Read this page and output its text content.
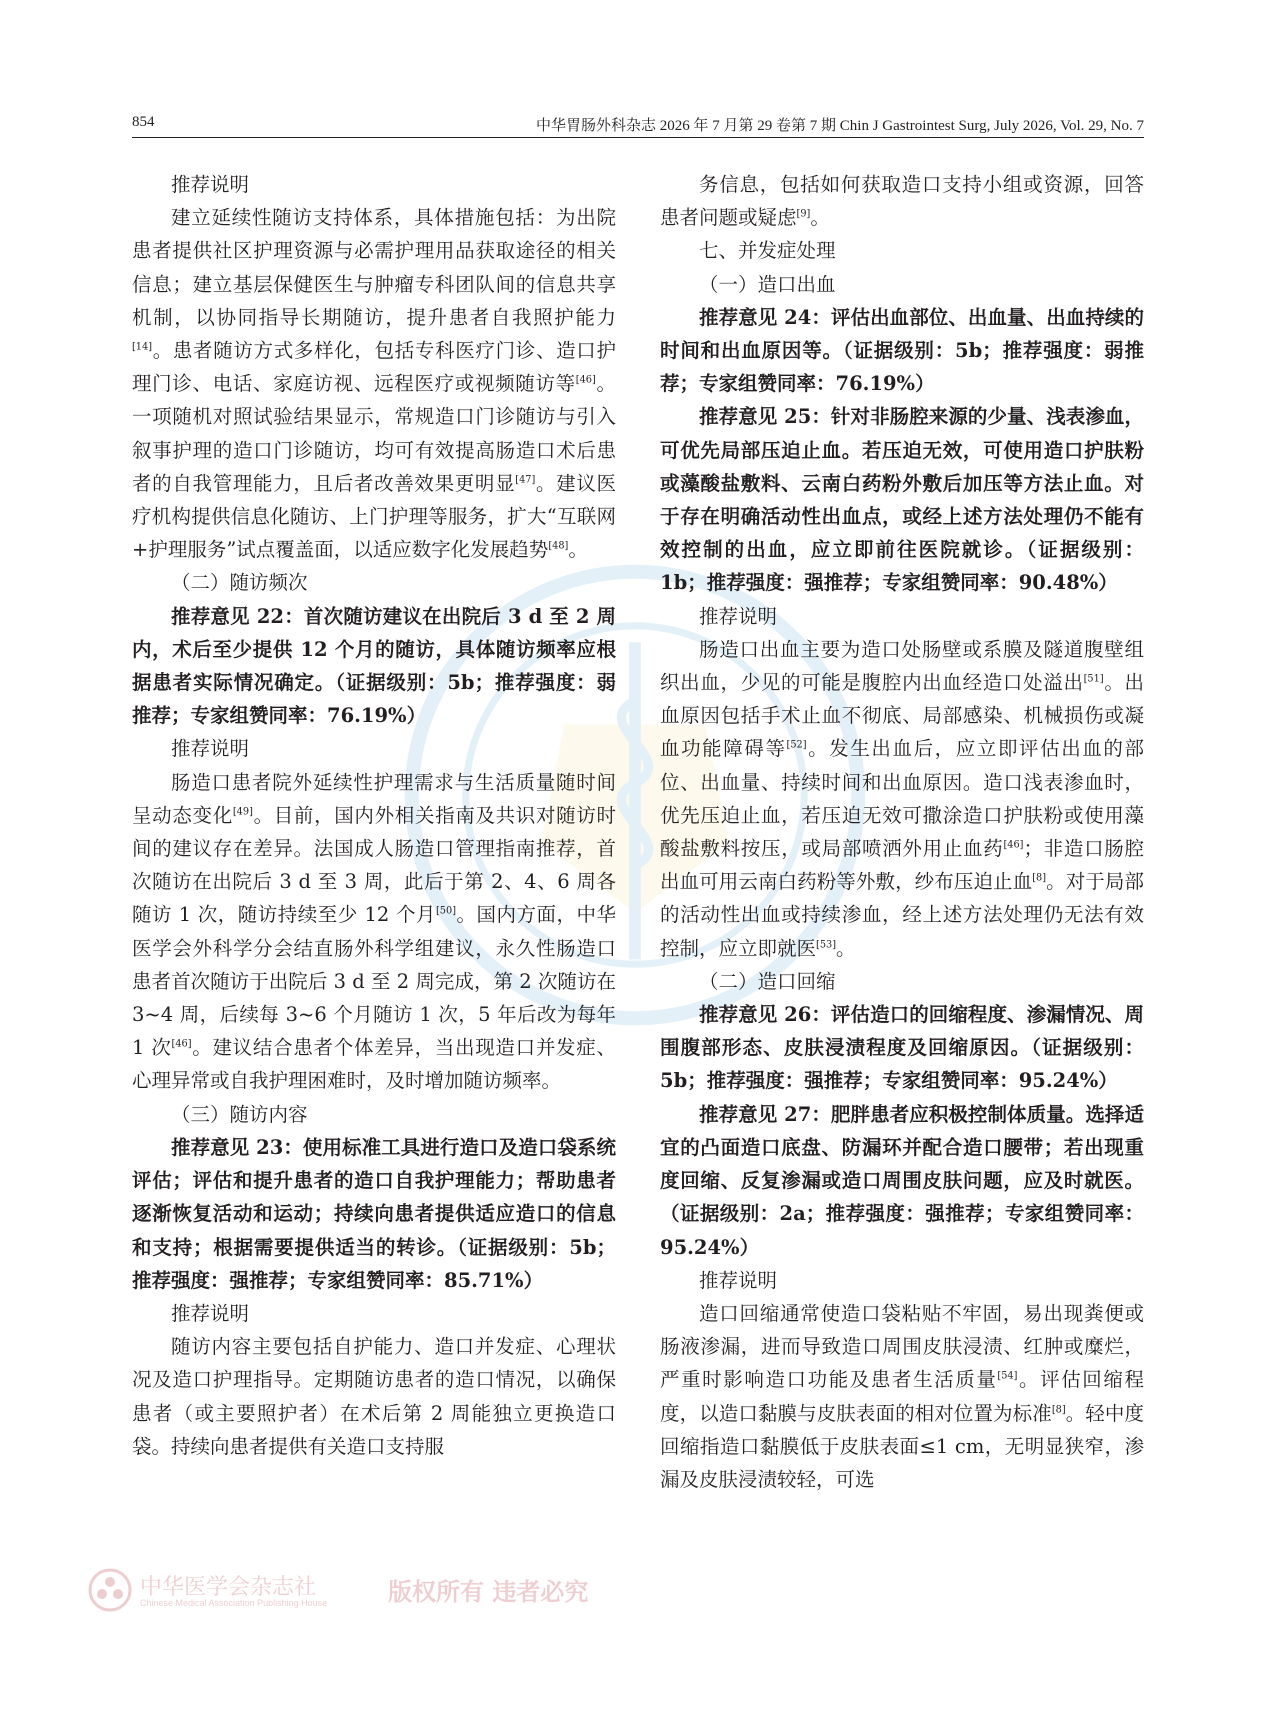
854	中华胃肠外科杂志 2026 年 7 月第 29 卷第 7 期 Chin J Gastrointest Surg, July 2026, Vol. 29, No. 7

推荐说明

建立延续性随访支持体系，具体措施包括：为出院患者提供社区护理资源与必需护理用品获取途径的相关信息；建立基层保健医生与肿瘤专科团队间的信息共享机制，以协同指导长期随访，提升患者自我照护能力[14]。患者随访方式多样化，包括专科医疗门诊、造口护理门诊、电话、家庭访视、远程医疗或视频随访等[46]。一项随机对照试验结果显示，常规造口门诊随访与引入叙事护理的造口门诊随访，均可有效提高肠造口术后患者的自我管理能力，且后者改善效果更明显[47]。建议医疗机构提供信息化随访、上门护理等服务，扩大“互联网+护理服务”试点覆盖面，以适应数字化发展趋势[48]。

（二）随访频次

推荐意见 22：首次随访建议在出院后 3 d 至 2 周内，术后至少提供 12 个月的随访，具体随访频率应根据患者实际情况确定。（证据级别：5b；推荐强度：弱推荐；专家组赞同率：76.19%）

推荐说明

肠造口患者院外延续性护理需求与生活质量随时间呈动态变化[49]。目前，国内外相关指南及共识对随访时间的建议存在差异。法国成人肠造口管理指南推荐，首次随访在出院后 3 d 至 3 周，此后于第 2、4、6 周各随访 1 次，随访持续至少 12 个月[50]。国内方面，中华医学会外科学分会结直肠外科学组建议，永久性肠造口患者首次随访于出院后 3 d 至 2 周完成，第 2 次随访在 3~4 周，后续每 3~6 个月随访 1 次，5 年后改为每年 1 次[46]。建议结合患者个体差异，当出现造口并发症、心理异常或自我护理困难时，及时增加随访频率。

（三）随访内容

推荐意见 23：使用标准工具进行造口及造口袋系统评估；评估和提升患者的造口自我护理能力；帮助患者逐渐恢复活动和运动；持续向患者提供适应造口的信息和支持；根据需要提供适当的转诊。（证据级别：5b；推荐强度：强推荐；专家组赞同率：85.71%）

推荐说明

随访内容主要包括自护能力、造口并发症、心理状况及造口护理指导。定期随访患者的造口情况，以确保患者（或主要照护者）在术后第 2 周能独立更换造口袋。持续向患者提供有关造口支持服

务信息，包括如何获取造口支持小组或资源，回答患者问题或疑虑[9]。

七、并发症处理

（一）造口出血

推荐意见 24：评估出血部位、出血量、出血持续的时间和出血原因等。（证据级别：5b；推荐强度：弱推荐；专家组赞同率：76.19%）

推荐意见 25：针对非肠腔来源的少量、浅表渗血，可优先局部压迫止血。若压迫无效，可使用造口护肤粉或藻酸盐敷料、云南白药粉外敷后加压等方法止血。对于存在明确活动性出血点，或经上述方法处理仍不能有效控制的出血，应立即前往医院就诊。（证据级别：1b；推荐强度：强推荐；专家组赞同率：90.48%）

推荐说明

肠造口出血主要为造口处肠壁或系膜及隧道腹壁组织出血，少见的可能是腹腔内出血经造口处溢出[51]。出血原因包括手术止血不彻底、局部感染、机械损伤或凝血功能障碍等[52]。发生出血后，应立即评估出血的部位、出血量、持续时间和出血原因。造口浅表渗血时，优先压迫止血，若压迫无效可撒涂造口护肤粉或使用藻酸盐敷料按压，或局部喷洒外用止血药[46]；非造口肠腔出血可用云南白药粉等外敷，纱布压迫止血[8]。对于局部的活动性出血或持续渗血，经上述方法处理仍无法有效控制，应立即就医[53]。

（二）造口回缩

推荐意见 26：评估造口的回缩程度、渗漏情况、周围腹部形态、皮肤浸渍程度及回缩原因。（证据级别：5b；推荐强度：强推荐；专家组赞同率：95.24%）

推荐意见 27：肥胖患者应积极控制体质量。选择适宜的凸面造口底盘、防漏环并配合造口腰带；若出现重度回缩、反复渗漏或造口周围皮肤问题，应及时就医。（证据级别：2a；推荐强度：强推荐；专家组赞同率：95.24%）

推荐说明

造口回缩通常使造口袋粘贴不牢固，易出现粪便或肠液渗漏，进而导致造口周围皮肤浸渍、红肿或糜烂，严重时影响造口功能及患者生活质量[54]。评估回缩程度，以造口黏膜与皮肤表面的相对位置为标准[8]。轻中度回缩指造口黏膜低于皮肤表面≤1 cm，无明显狭窄，渗漏及皮肤浸渍较轻，可选

中华医学会杂志社
Chinese Medical Association Publishing House	版权所有 违者必究
